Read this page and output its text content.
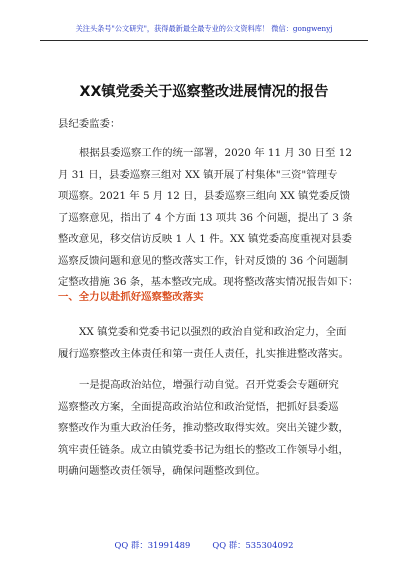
关注头条号"公文研究"，获得最新最全最专业的公文资料库！ 微信：gongwenyj
XX镇党委关于巡察整改进展情况的报告
县纪委监委：
根据县委巡察工作的统一部署，2020 年 11 月 30 日至 12
月 31 日，县委巡察三组对 XX 镇开展了村集体"三资"管理专
项巡察。2021 年 5 月 12 日，县委巡察三组向 XX 镇党委反馈
了巡察意见，指出了 4 个方面 13 项共 36 个问题，提出了 3 条
整改意见，移交信访反映 1 人 1 件。XX 镇党委高度重视对县委
巡察反馈问题和意见的整改落实工作，针对反馈的 36 个问题制
定整改措施 36 条，基本整改完成。现将整改落实情况报告如下：
一、全力以赴抓好巡察整改落实
XX 镇党委和党委书记以强烈的政治自觉和政治定力，全面
履行巡察整改主体责任和第一责任人责任，扎实推进整改落实。
一是提高政治站位，增强行动自觉。召开党委会专题研究
巡察整改方案，全面提高政治站位和政治觉悟，把抓好县委巡
察整改作为重大政治任务，推动整改取得实效。突出关键少数，
筑牢责任链条。成立由镇党委书记为组长的整改工作领导小组，
明确问题整改责任领导，确保问题整改到位。
QQ 群：31991489	QQ 群：535304092
